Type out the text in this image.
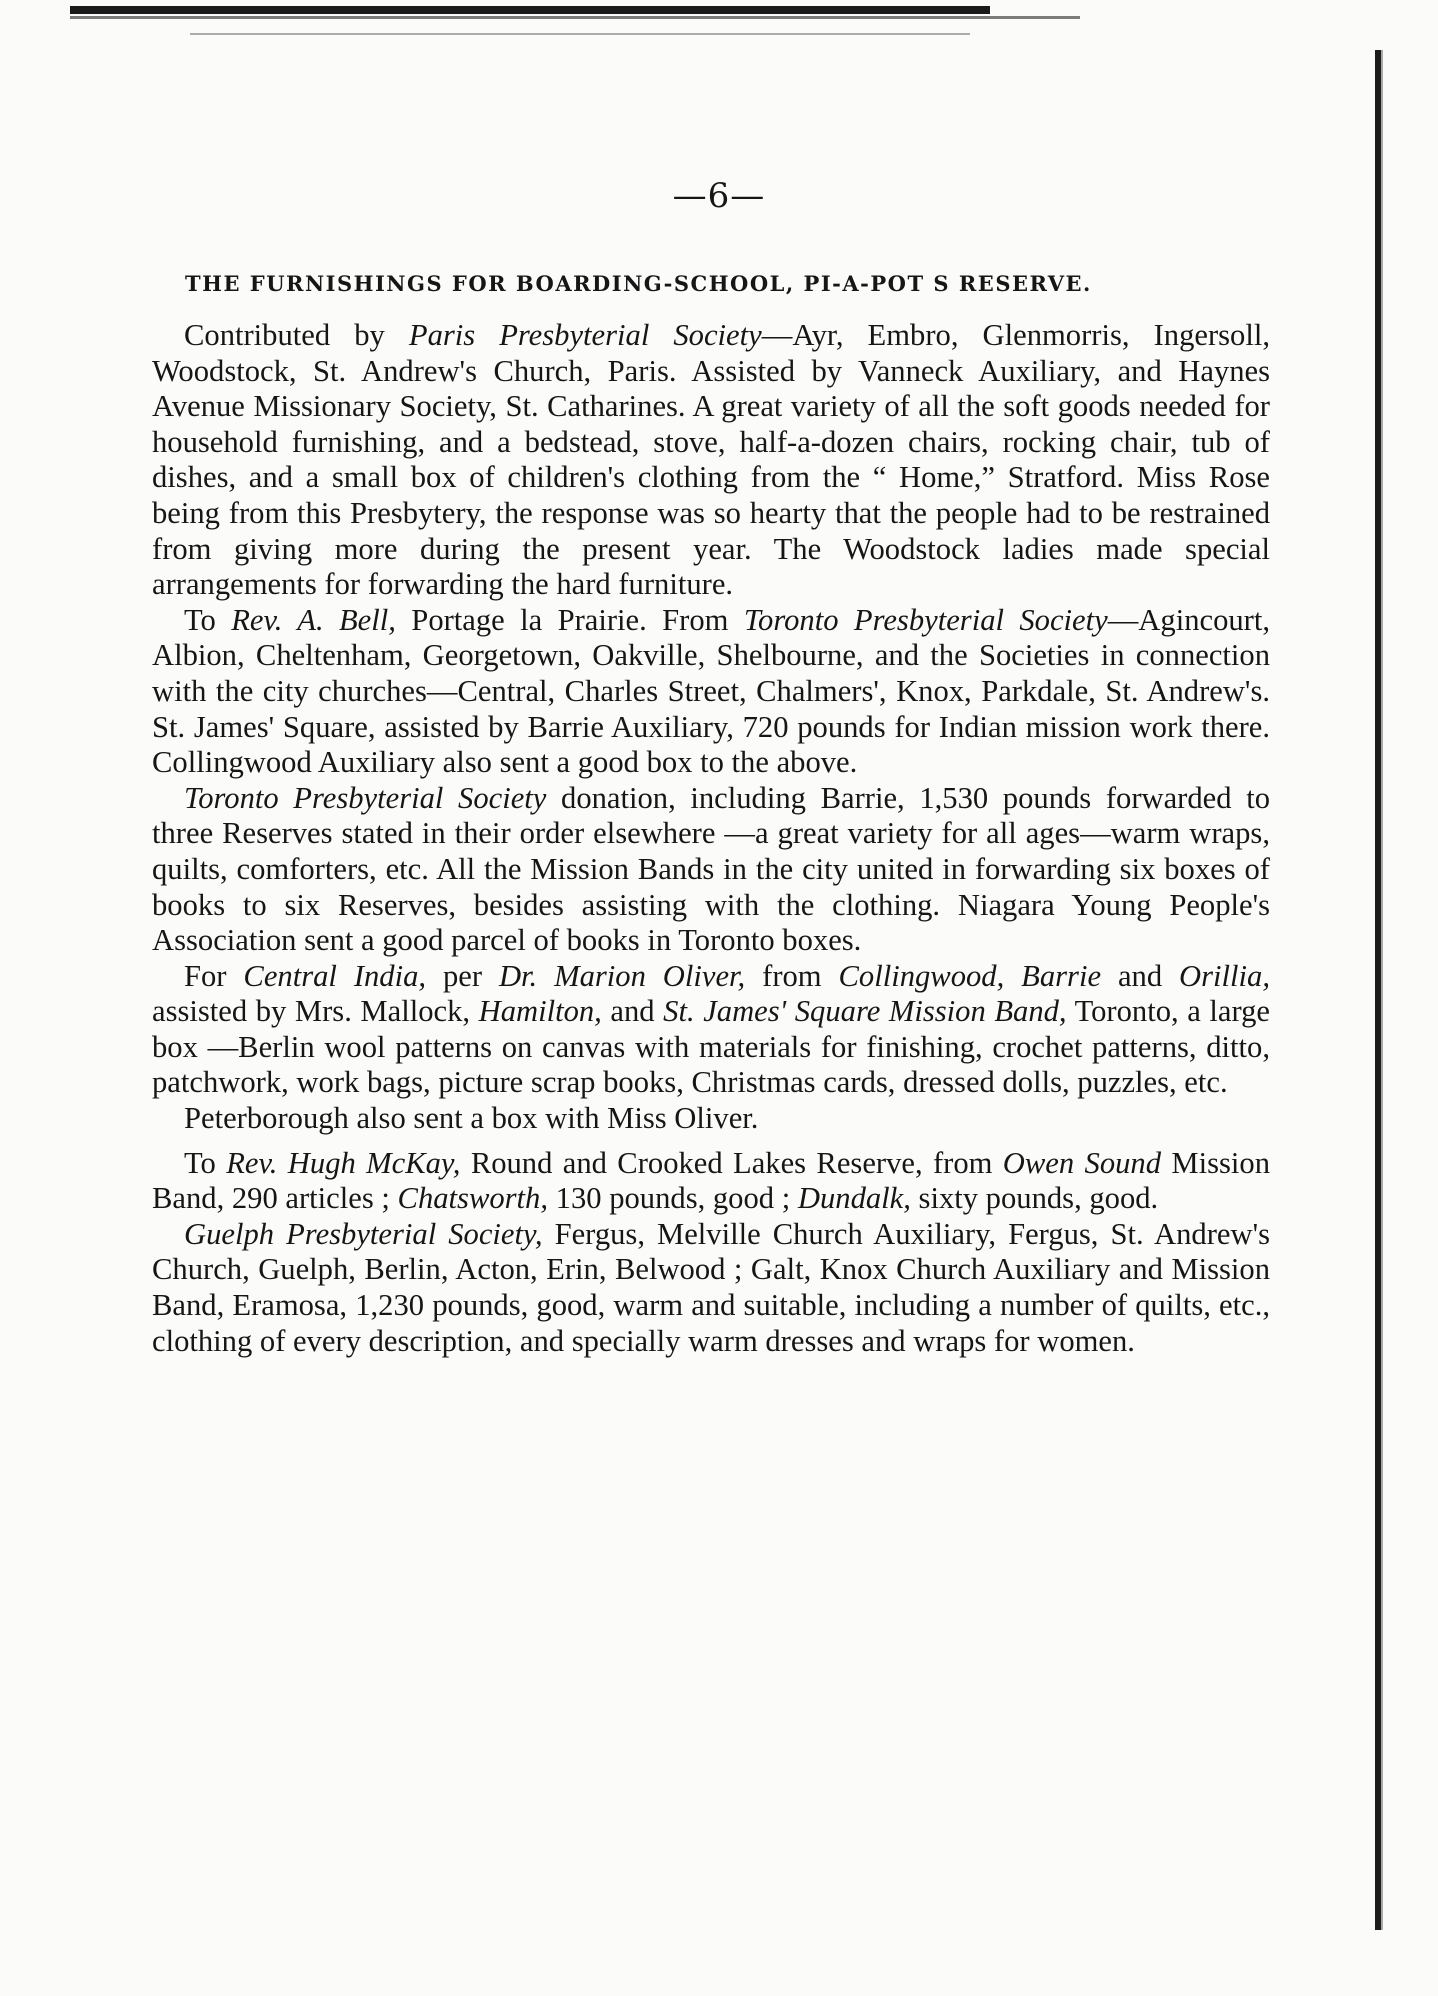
—6—
THE FURNISHINGS FOR BOARDING-SCHOOL, PI-A-POT S RESERVE.

Contributed by Paris Presbyterial Society—Ayr, Embro, Glenmorris, Ingersoll, Woodstock, St. Andrew's Church, Paris. Assisted by Vanneck Auxiliary, and Haynes Avenue Missionary Society, St. Catharines. A great variety of all the soft goods needed for household furnishing, and a bedstead, stove, half-a-dozen chairs, rocking chair, tub of dishes, and a small box of children's clothing from the “ Home,” Stratford. Miss Rose being from this Presbytery, the response was so hearty that the people had to be restrained from giving more during the present year. The Woodstock ladies made special arrangements for forwarding the hard furniture.

To Rev. A. Bell, Portage la Prairie. From Toronto Presbyterial Society—Agincourt, Albion, Cheltenham, Georgetown, Oakville, Shelbourne, and the Societies in connection with the city churches—Central, Charles Street, Chalmers', Knox, Parkdale, St. Andrew's. St. James' Square, assisted by Barrie Auxiliary, 720 pounds for Indian mission work there. Collingwood Auxiliary also sent a good box to the above.

Toronto Presbyterial Society donation, including Barrie, 1,530 pounds forwarded to three Reserves stated in their order elsewhere —a great variety for all ages—warm wraps, quilts, comforters, etc. All the Mission Bands in the city united in forwarding six boxes of books to six Reserves, besides assisting with the clothing. Niagara Young People's Association sent a good parcel of books in Toronto boxes.

For Central India, per Dr. Marion Oliver, from Collingwood, Barrie and Orillia, assisted by Mrs. Mallock, Hamilton, and St. James' Square Mission Band, Toronto, a large box —Berlin wool patterns on canvas with materials for finishing, crochet patterns, ditto, patchwork, work bags, picture scrap books, Christmas cards, dressed dolls, puzzles, etc.

Peterborough also sent a box with Miss Oliver.

To Rev. Hugh McKay, Round and Crooked Lakes Reserve, from Owen Sound Mission Band, 290 articles ; Chatsworth, 130 pounds, good ; Dundalk, sixty pounds, good.

Guelph Presbyterial Society, Fergus, Melville Church Auxiliary, Fergus, St. Andrew's Church, Guelph, Berlin, Acton, Erin, Belwood ; Galt, Knox Church Auxiliary and Mission Band, Eramosa, 1,230 pounds, good, warm and suitable, including a number of quilts, etc., clothing of every description, and specially warm dresses and wraps for women.
